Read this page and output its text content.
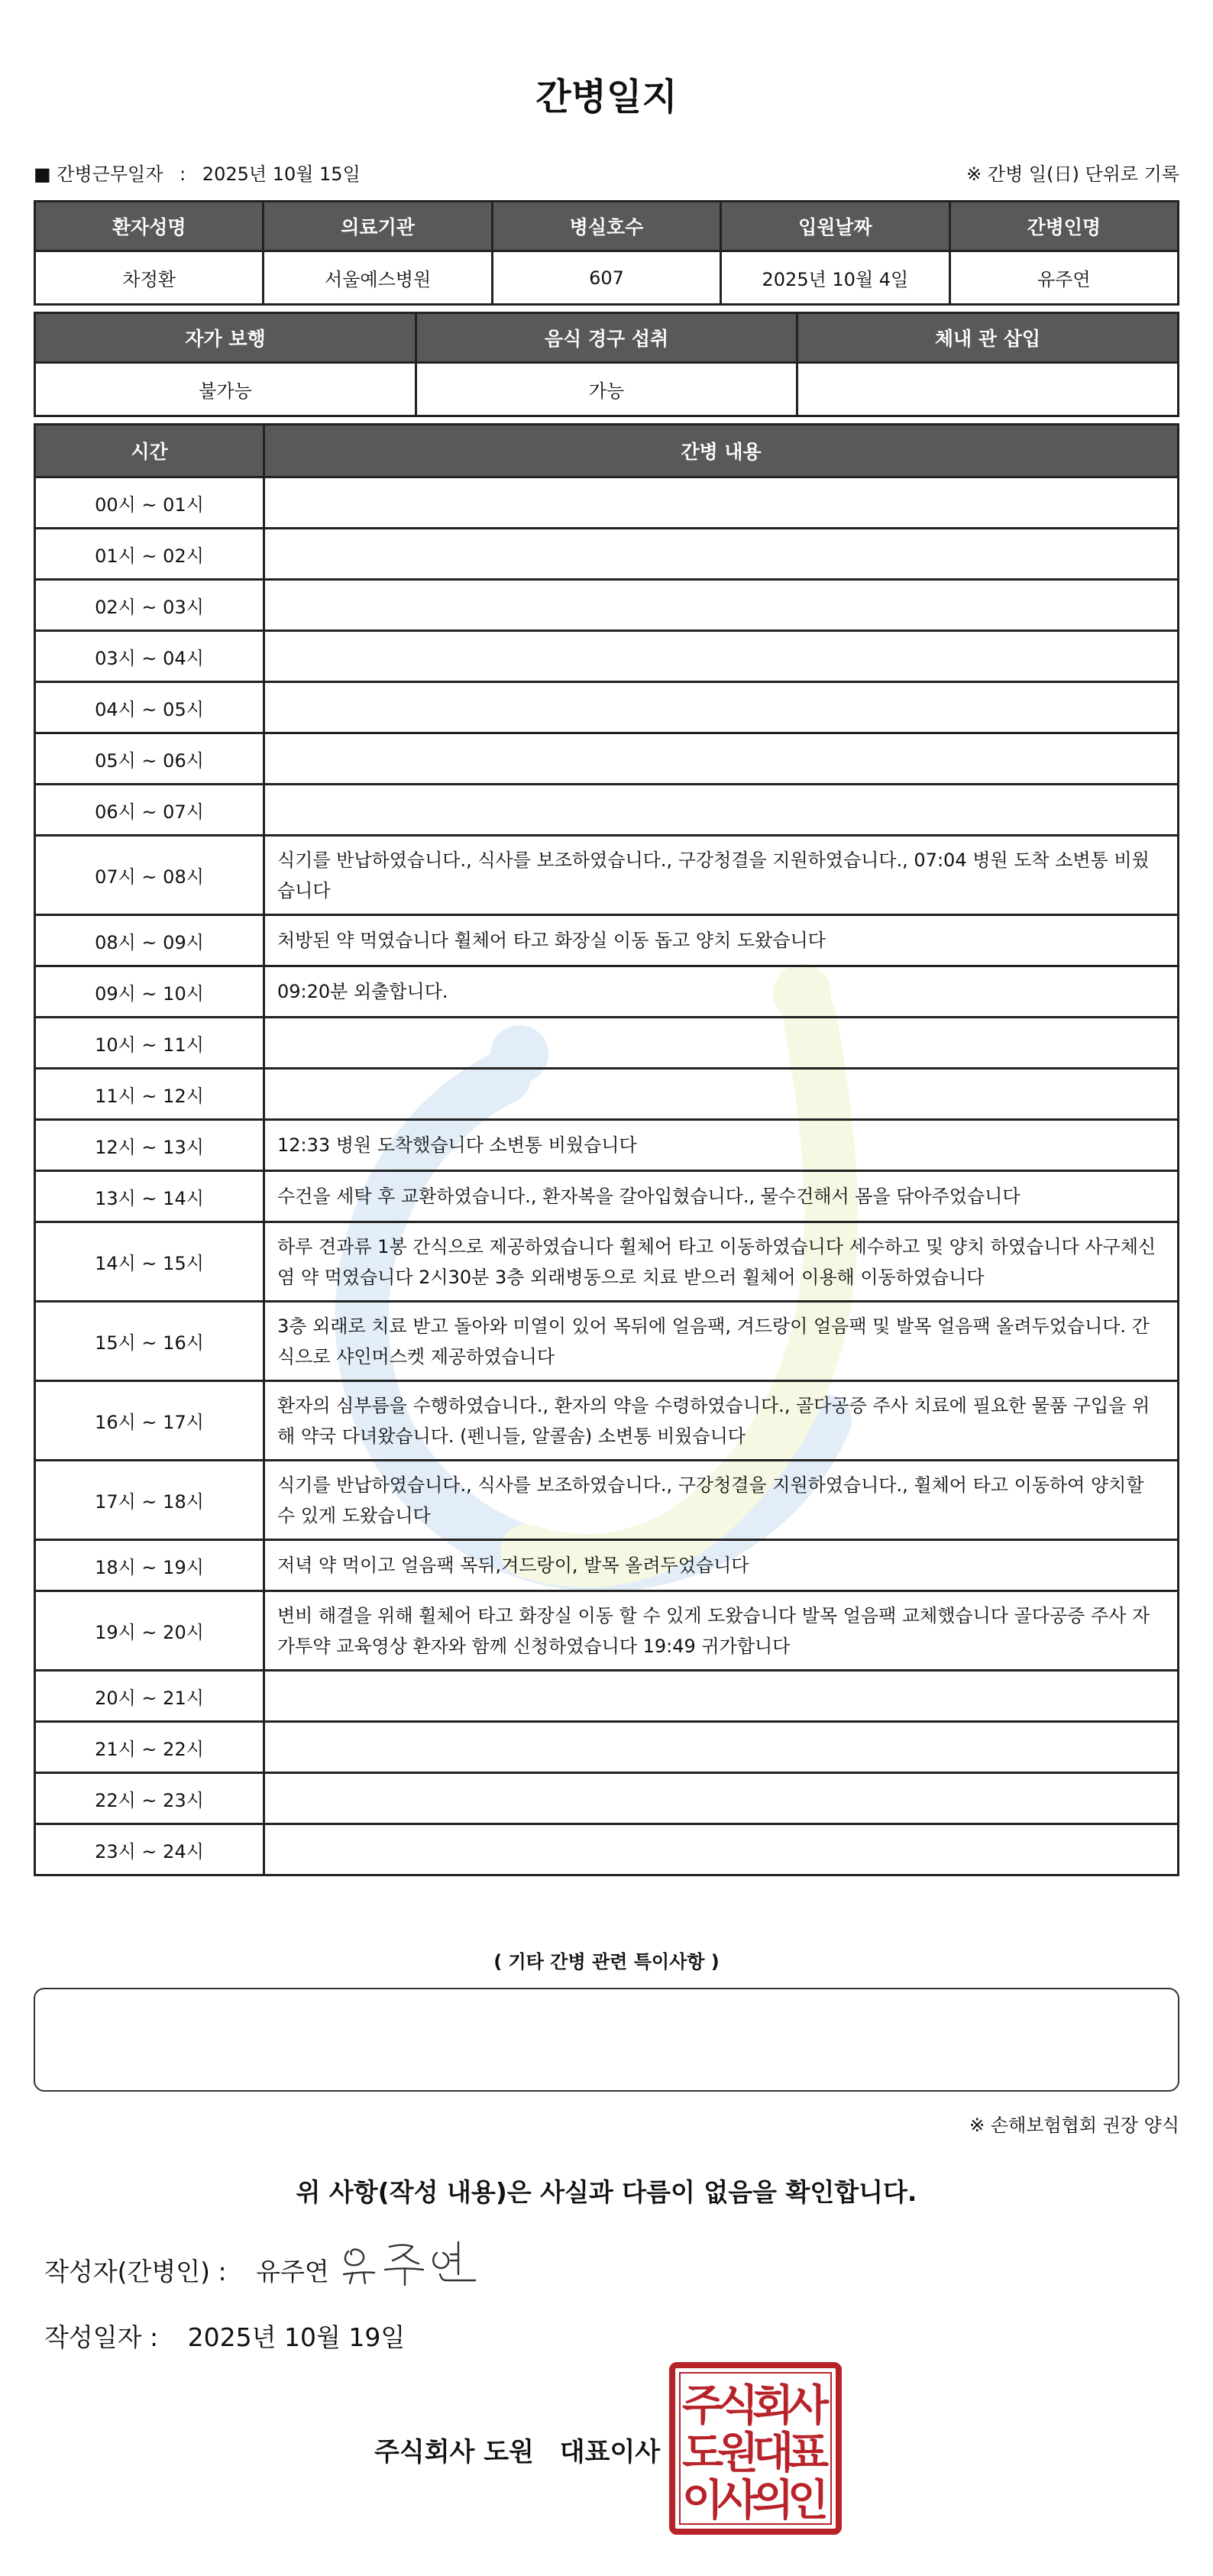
간병일지
■ 간병근무일자 : 2025년 10월 15일	※ 간병 일(日) 단위로 기록
환자성명	의료기관	병실호수	입원날짜	간병인명
차정환	서울예스병원	607	2025년 10월 4일	유주연
자가 보행	음식 경구 섭취	체내 관 삽입
불가능	가능	
시간	간병 내용
00시 ~ 01시	
01시 ~ 02시	
02시 ~ 03시	
03시 ~ 04시	
04시 ~ 05시	
05시 ~ 06시	
06시 ~ 07시	
07시 ~ 08시	식기를 반납하였습니다., 식사를 보조하였습니다., 구강청결을 지원하였습니다., 07:04 병원 도착 소변통 비웠습니다
08시 ~ 09시	처방된 약 먹였습니다 휠체어 타고 화장실 이동 돕고 양치 도왔습니다
09시 ~ 10시	09:20분 외출합니다.
10시 ~ 11시	
11시 ~ 12시	
12시 ~ 13시	12:33 병원 도착했습니다 소변통 비웠습니다
13시 ~ 14시	수건을 세탁 후 교환하였습니다., 환자복을 갈아입혔습니다., 물수건해서 몸을 닦아주었습니다
14시 ~ 15시	하루 견과류 1봉 간식으로 제공하였습니다 휠체어 타고 이동하였습니다 세수하고 및 양치 하였습니다 사구체신염 약 먹였습니다 2시30분 3층 외래병동으로 치료 받으러 휠체어 이용해 이동하였습니다
15시 ~ 16시	3층 외래로 치료 받고 돌아와 미열이 있어 목뒤에 얼음팩, 겨드랑이 얼음팩 및 발목 얼음팩 올려두었습니다. 간식으로 샤인머스켓 제공하였습니다
16시 ~ 17시	환자의 심부름을 수행하였습니다., 환자의 약을 수령하였습니다., 골다공증 주사 치료에 필요한 물품 구입을 위해 약국 다녀왔습니다. (펜니들, 알콜솜) 소변통 비웠습니다
17시 ~ 18시	식기를 반납하였습니다., 식사를 보조하였습니다., 구강청결을 지원하였습니다., 휠체어 타고 이동하여 양치할 수 있게 도왔습니다
18시 ~ 19시	저녁 약 먹이고 얼음팩 목뒤,겨드랑이, 발목 올려두었습니다
19시 ~ 20시	변비 해결을 위해 휠체어 타고 화장실 이동 할 수 있게 도왔습니다 발목 얼음팩 교체했습니다 골다공증 주사 자가투약 교육영상 환자와 함께 신청하였습니다 19:49 귀가합니다
20시 ~ 21시	
21시 ~ 22시	
22시 ~ 23시	
23시 ~ 24시	
( 기타 간병 관련 특이사항 )
※ 손해보험협회 권장 양식
위 사항(작성 내용)은 사실과 다름이 없음을 확인합니다.
작성자(간병인) : 유주연
작성일자 : 2025년 10월 19일
주식회사 도원 대표이사
주
식
회
사
도
원
대
표
이
사
의
인
